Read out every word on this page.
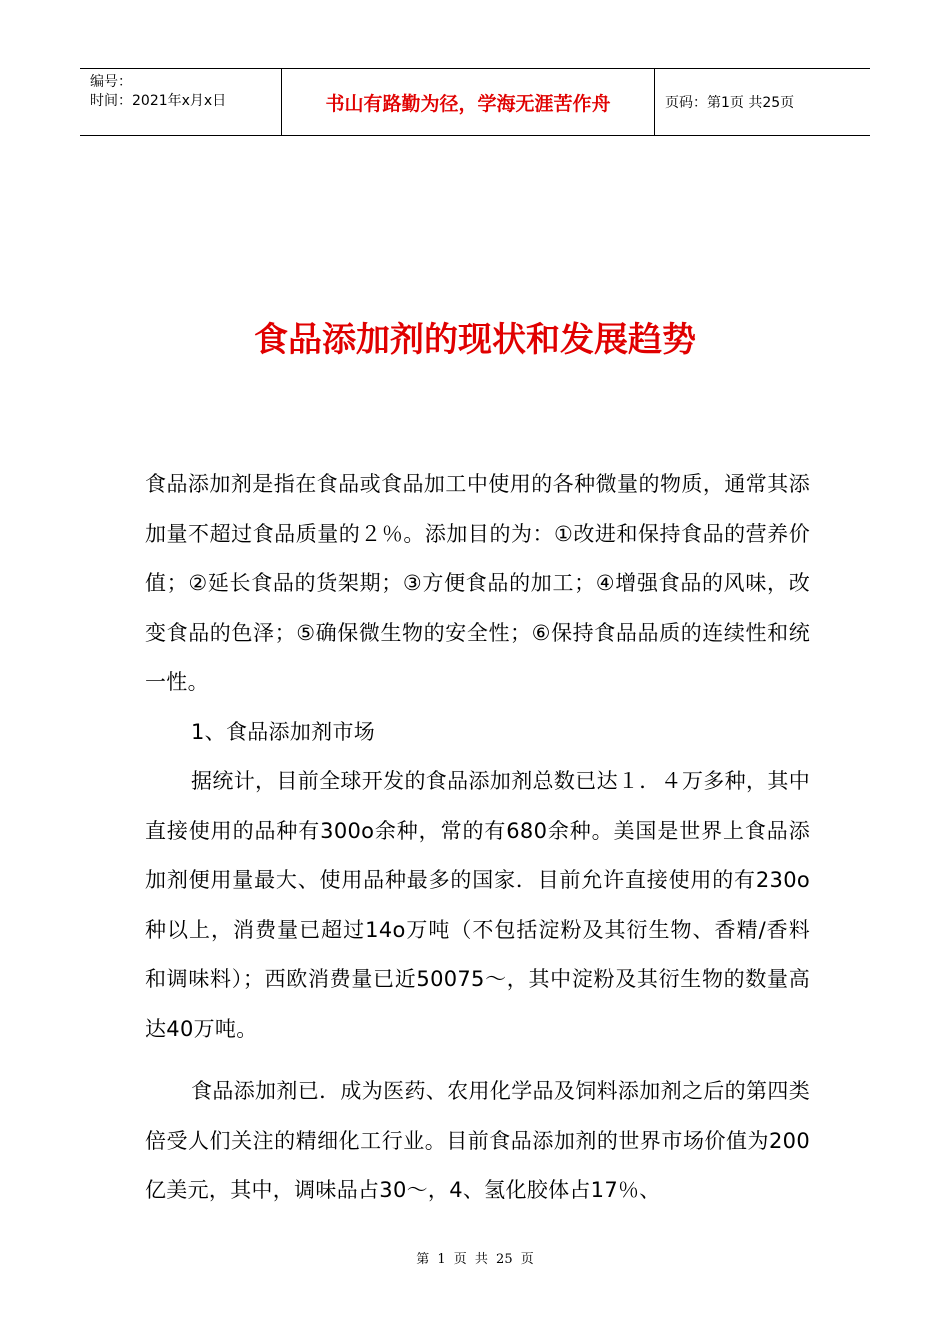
编号：
时间：2021年x月x日	书山有路勤为径，学海无涯苦作舟	页码：第1页 共25页
食品添加剂的现状和发展趋势

食品添加剂是指在食品或食品加工中使用的各种微量的物质，通常其添加量不超过食品质量的２％。添加目的为：①改进和保持食品的营养价值；②延长食品的货架期；③方便食品的加工；④增强食品的风味，改变食品的色泽；⑤确保微生物的安全性；⑥保持食品品质的连续性和统一性。

1、食品添加剂市场

据统计，目前全球开发的食品添加剂总数已达１．４万多种，其中直接使用的品种有300o余种，常的有680余种。美国是世界上食品添加剂便用量最大、使用品种最多的国家．目前允许直接使用的有230o种以上，消费量已超过14o万吨（不包括淀粉及其衍生物、香精/香料和调味料）；西欧消费量已近50075～，其中淀粉及其衍生物的数量高达40万吨。

食品添加剂已．成为医药、农用化学品及饲料添加剂之后的第四类倍受人们关注的精细化工行业。目前食品添加剂的世界市场价值为200亿美元，其中，调味品占30～，4、氢化胶体占17％、

第 1 页 共 25 页
